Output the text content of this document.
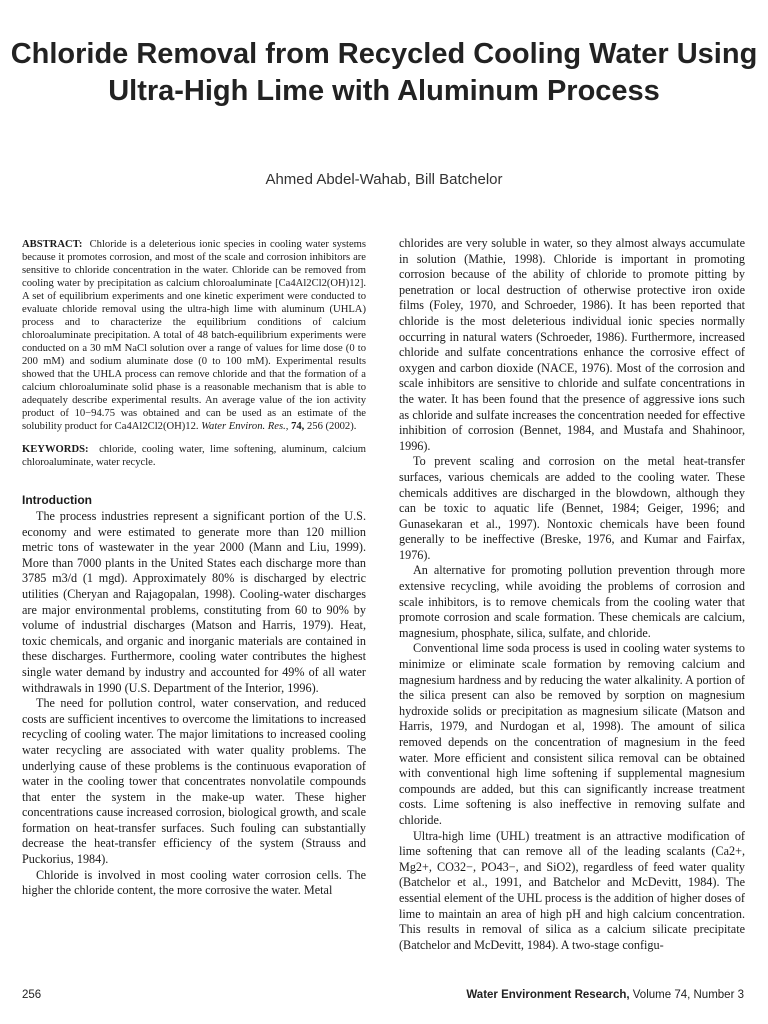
Chloride Removal from Recycled Cooling Water Using Ultra-High Lime with Aluminum Process
Ahmed Abdel-Wahab, Bill Batchelor

ABSTRACT: Chloride is a deleterious ionic species in cooling water systems because it promotes corrosion, and most of the scale and corrosion inhibitors are sensitive to chloride concentration in the water. Chloride can be removed from cooling water by precipitation as calcium chloroaluminate [Ca4Al2Cl2(OH)12]. A set of equilibrium experiments and one kinetic experiment were conducted to evaluate chloride removal using the ultra-high lime with aluminum (UHLA) process and to characterize the equilibrium conditions of calcium chloroaluminate precipitation. A total of 48 batch-equilibrium experiments were conducted on a 30 mM NaCl solution over a range of values for lime dose (0 to 200 mM) and sodium aluminate dose (0 to 100 mM). Experimental results showed that the UHLA process can remove chloride and that the formation of a calcium chloroaluminate solid phase is a reasonable mechanism that is able to adequately describe experimental results. An average value of the ion activity product of 10−94.75 was obtained and can be used as an estimate of the solubility product for Ca4Al2Cl2(OH)12. Water Environ. Res., 74, 256 (2002).

KEYWORDS: chloride, cooling water, lime softening, aluminum, calcium chloroaluminate, water recycle.

Introduction

The process industries represent a significant portion of the U.S. economy and were estimated to generate more than 120 million metric tons of wastewater in the year 2000 (Mann and Liu, 1999). More than 7000 plants in the United States each discharge more than 3785 m3/d (1 mgd). Approximately 80% is discharged by electric utilities (Cheryan and Rajagopalan, 1998). Cooling-water discharges are major environmental problems, constituting from 60 to 90% by volume of industrial discharges (Matson and Harris, 1979). Heat, toxic chemicals, and organic and inorganic materials are contained in these discharges. Furthermore, cooling water contributes the highest single water demand by industry and accounted for 49% of all water withdrawals in 1990 (U.S. Department of the Interior, 1996).

The need for pollution control, water conservation, and reduced costs are sufficient incentives to overcome the limitations to increased recycling of cooling water. The major limitations to increased cooling water recycling are associated with water quality problems. The underlying cause of these problems is the continuous evaporation of water in the cooling tower that concentrates nonvolatile compounds that enter the system in the make-up water. These higher concentrations cause increased corrosion, biological growth, and scale formation on heat-transfer surfaces. Such fouling can substantially decrease the heat-transfer efficiency of the system (Strauss and Puckorius, 1984).

Chloride is involved in most cooling water corrosion cells. The higher the chloride content, the more corrosive the water. Metal

chlorides are very soluble in water, so they almost always accumulate in solution (Mathie, 1998). Chloride is important in promoting corrosion because of the ability of chloride to promote pitting by penetration or local destruction of otherwise protective iron oxide films (Foley, 1970, and Schroeder, 1986). It has been reported that chloride is the most deleterious individual ionic species normally occurring in natural waters (Schroeder, 1986). Furthermore, increased chloride and sulfate concentrations enhance the corrosive effect of oxygen and carbon dioxide (NACE, 1976). Most of the corrosion and scale inhibitors are sensitive to chloride and sulfate concentrations in the water. It has been found that the presence of aggressive ions such as chloride and sulfate increases the concentration needed for effective inhibition of corrosion (Bennet, 1984, and Mustafa and Shahinoor, 1996).

To prevent scaling and corrosion on the metal heat-transfer surfaces, various chemicals are added to the cooling water. These chemicals additives are discharged in the blowdown, although they can be toxic to aquatic life (Bennet, 1984; Geiger, 1996; and Gunasekaran et al., 1997). Nontoxic chemicals have been found generally to be ineffective (Breske, 1976, and Kumar and Fairfax, 1976).

An alternative for promoting pollution prevention through more extensive recycling, while avoiding the problems of corrosion and scale inhibitors, is to remove chemicals from the cooling water that promote corrosion and scale formation. These chemicals are calcium, magnesium, phosphate, silica, sulfate, and chloride.

Conventional lime soda process is used in cooling water systems to minimize or eliminate scale formation by removing calcium and magnesium hardness and by reducing the water alkalinity. A portion of the silica present can also be removed by sorption on magnesium hydroxide solids or precipitation as magnesium silicate (Matson and Harris, 1979, and Nurdogan et al, 1998). The amount of silica removed depends on the concentration of magnesium in the feed water. More efficient and consistent silica removal can be obtained with conventional high lime softening if supplemental magnesium compounds are added, but this can significantly increase treatment costs. Lime softening is also ineffective in removing sulfate and chloride.

Ultra-high lime (UHL) treatment is an attractive modification of lime softening that can remove all of the leading scalants (Ca2+, Mg2+, CO32−, PO43−, and SiO2), regardless of feed water quality (Batchelor et al., 1991, and Batchelor and McDevitt, 1984). The essential element of the UHL process is the addition of higher doses of lime to maintain an area of high pH and high calcium concentration. This results in removal of silica as a calcium silicate precipitate (Batchelor and McDevitt, 1984). A two-stage configu-

256	Water Environment Research, Volume 74, Number 3
